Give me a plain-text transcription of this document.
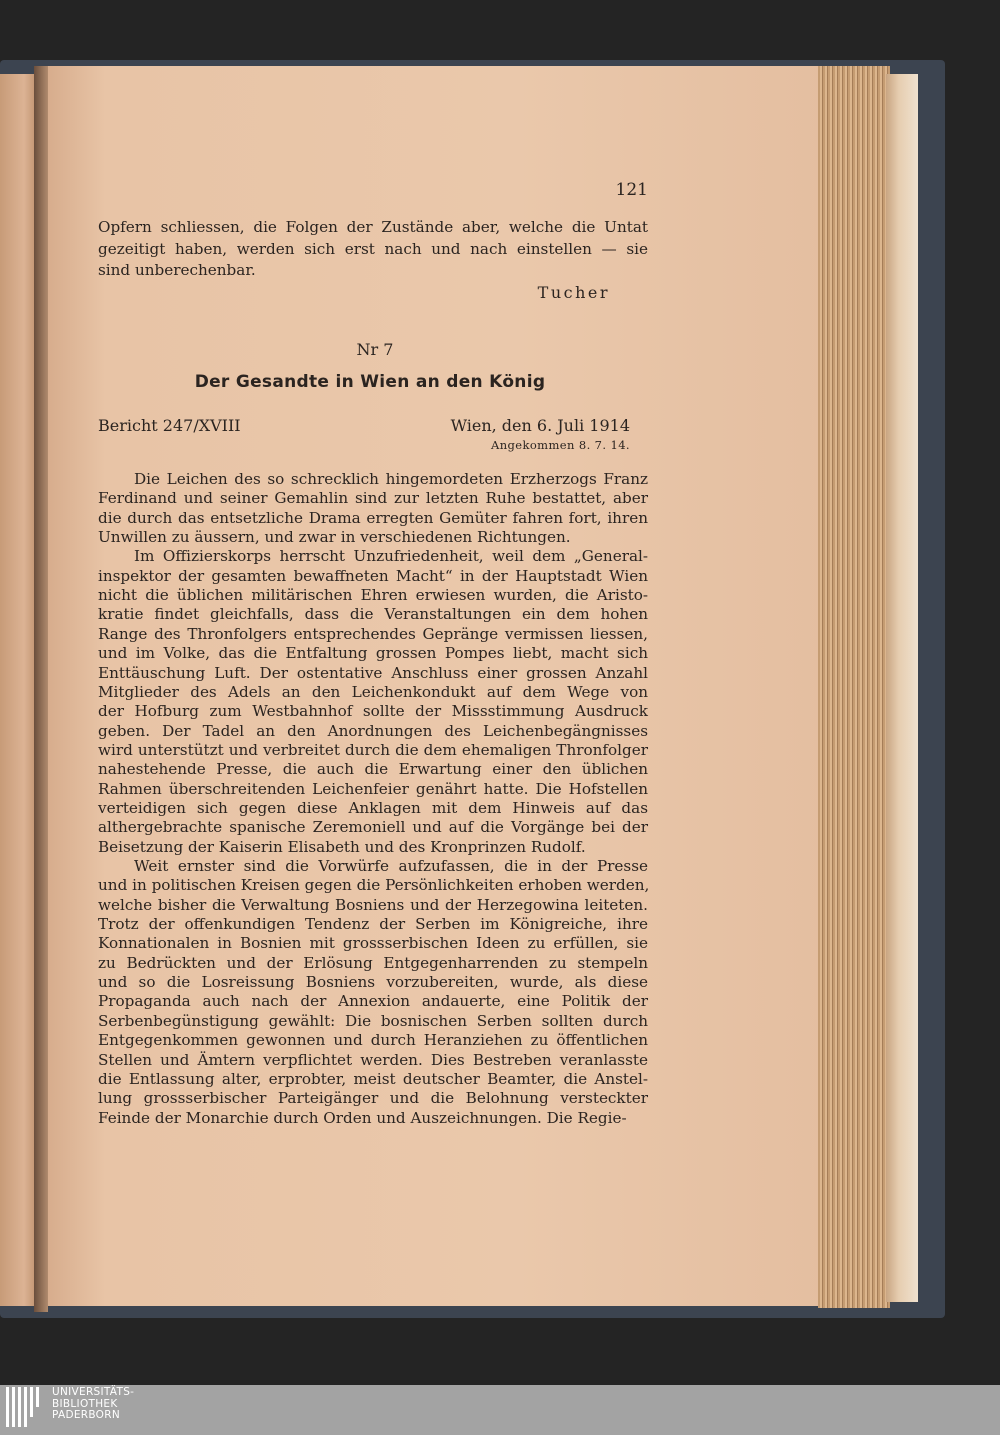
121
Opfern schliessen, die Folgen der Zustände aber, welche die Untat
gezeitigt haben, werden sich erst nach und nach einstellen — sie
sind unberechenbar.
Tucher
Nr 7
Der Gesandte in Wien an den König
Bericht 247/XVIII	Wien, den 6. Juli 1914
Angekommen 8. 7. 14.
Die Leichen des so schrecklich hingemordeten Erzherzogs Franz
Ferdinand und seiner Gemahlin sind zur letzten Ruhe bestattet, aber
die durch das entsetzliche Drama erregten Gemüter fahren fort, ihren
Unwillen zu äussern, und zwar in verschiedenen Richtungen.
Im Offizierskorps herrscht Unzufriedenheit, weil dem „General-
inspektor der gesamten bewaffneten Macht“ in der Hauptstadt Wien
nicht die üblichen militärischen Ehren erwiesen wurden, die Aristo-
kratie findet gleichfalls, dass die Veranstaltungen ein dem hohen
Range des Thronfolgers entsprechendes Gepränge vermissen liessen,
und im Volke, das die Entfaltung grossen Pompes liebt, macht sich
Enttäuschung Luft. Der ostentative Anschluss einer grossen Anzahl
Mitglieder des Adels an den Leichenkondukt auf dem Wege von
der Hofburg zum Westbahnhof sollte der Missstimmung Ausdruck
geben. Der Tadel an den Anordnungen des Leichenbegängnisses
wird unterstützt und verbreitet durch die dem ehemaligen Thronfolger
nahestehende Presse, die auch die Erwartung einer den üblichen
Rahmen überschreitenden Leichenfeier genährt hatte. Die Hofstellen
verteidigen sich gegen diese Anklagen mit dem Hinweis auf das
althergebrachte spanische Zeremoniell und auf die Vorgänge bei der
Beisetzung der Kaiserin Elisabeth und des Kronprinzen Rudolf.
Weit ernster sind die Vorwürfe aufzufassen, die in der Presse
und in politischen Kreisen gegen die Persönlichkeiten erhoben werden,
welche bisher die Verwaltung Bosniens und der Herzegowina leiteten.
Trotz der offenkundigen Tendenz der Serben im Königreiche, ihre
Konnationalen in Bosnien mit grossserbischen Ideen zu erfüllen, sie
zu Bedrückten und der Erlösung Entgegenharrenden zu stempeln
und so die Losreissung Bosniens vorzubereiten, wurde, als diese
Propaganda auch nach der Annexion andauerte, eine Politik der
Serbenbegünstigung gewählt: Die bosnischen Serben sollten durch
Entgegenkommen gewonnen und durch Heranziehen zu öffentlichen
Stellen und Ämtern verpflichtet werden. Dies Bestreben veranlasste
die Entlassung alter, erprobter, meist deutscher Beamter, die Anstel-
lung grossserbischer Parteigänger und die Belohnung versteckter
Feinde der Monarchie durch Orden und Auszeichnungen. Die Regie-
UNIVERSITÄTS-
BIBLIOTHEK
PADERBORN
